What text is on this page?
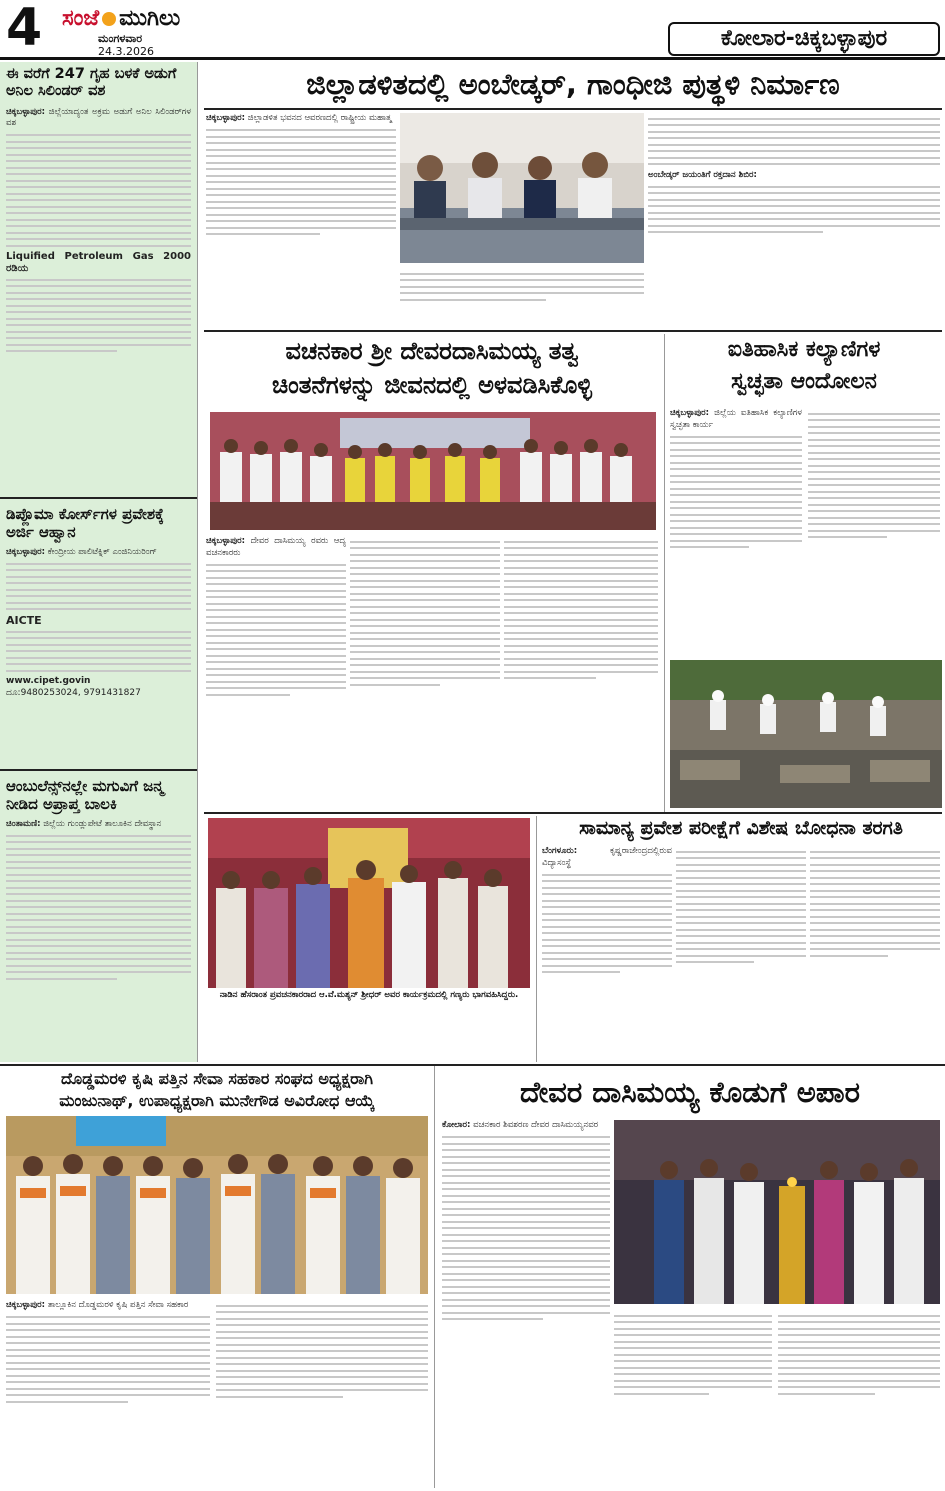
4 ಸಂಜೆ ಮುಗಿಲು
ಮಂಗಳವಾರ
24.3.2026
ಕೋಲಾರ-ಚಿಕ್ಕಬಳ್ಳಾಪುರ
ಈ ವರೆಗೆ 247 ಗೃಹ ಬಳಕೆ ಅಡುಗೆ ಅನಿಲ ಸಿಲಿಂಡರ್ ವಶ
ಚಿಕ್ಕಬಳ್ಳಾಪುರ: ಜಿಲ್ಲೆಯಾದ್ಯಂತ ಅಕ್ರಮ ಅಡುಗೆ ಅನಿಲ ಸಿಲಿಂಡರ್‌ಗಳ ವಶ
Liquified Petroleum Gas 2000 ರಡಿಯ
ಡಿಪ್ಲೊಮಾ ಕೋರ್ಸ್‌ಗಳ ಪ್ರವೇಶಕ್ಕೆ ಅರ್ಜಿ ಆಹ್ವಾನ
ಚಿಕ್ಕಬಳ್ಳಾಪುರ: ಕೇಂದ್ರೀಯ ಪಾಲಿಟೆಕ್ನಿಕ್ ಎಂಜಿನಿಯರಿಂಗ್
AICTE
www.cipet.govin
ದೂ:9480253024, 9791431827
ಆಂಬುಲೆನ್ಸ್‌ನಲ್ಲೇ ಮಗುವಿಗೆ ಜನ್ಮ ನೀಡಿದ ಅಪ್ರಾಪ್ತ ಬಾಲಕಿ
ಚಿಂತಾಮಣಿ: ಜಿಲ್ಲೆಯ ಗುಂಡ್ಲುಪೇಟೆ ತಾಲೂಕಿನ ದೇವಸ್ಥಾನ
ಜಿಲ್ಲಾಡಳಿತದಲ್ಲಿ ಅಂಬೇಡ್ಕರ್, ಗಾಂಧೀಜಿ ಪುತ್ಥಳಿ ನಿರ್ಮಾಣ
ಚಿಕ್ಕಬಳ್ಳಾಪುರ: ಜಿಲ್ಲಾಡಳಿತ ಭವನದ ಆವರಣದಲ್ಲಿ ರಾಷ್ಟ್ರೀಯ ಮಹಾತ್ಮ
ಅಂಬೇಡ್ಕರ್ ಜಯಂತಿಗೆ ರಕ್ತದಾನ ಶಿಬಿರ:
ವಚನಕಾರ ಶ್ರೀ ದೇವರದಾಸಿಮಯ್ಯ ತತ್ವ
ಚಿಂತನೆಗಳನ್ನು ಜೀವನದಲ್ಲಿ ಅಳವಡಿಸಿಕೊಳ್ಳಿ
ಚಿಕ್ಕಬಳ್ಳಾಪುರ: ದೇವರ ದಾಸಿಮಯ್ಯ ರವರು ಆದ್ಯ ವಚನಕಾರರು
ಐತಿಹಾಸಿಕ ಕಲ್ಯಾಣಿಗಳ
ಸ್ವಚ್ಛತಾ ಆಂದೋಲನ
ಚಿಕ್ಕಬಳ್ಳಾಪುರ: ಜಿಲ್ಲೆಯ ಐತಿಹಾಸಿಕ ಕಲ್ಯಾಣಿಗಳ ಸ್ವಚ್ಛತಾ ಕಾರ್ಯ
ನಾಡಿನ ಹೆಸರಾಂತ ಪ್ರವಚನಕಾರರಾದ ಆ.ವೆ.ಮಶ್ಯನ್ ಶ್ರೀಧರ್ ಅವರ ಕಾರ್ಯಕ್ರಮದಲ್ಲಿ ಗಣ್ಯರು ಭಾಗವಹಿಸಿದ್ದರು.
ಸಾಮಾನ್ಯ ಪ್ರವೇಶ ಪರೀಕ್ಷೆಗೆ ವಿಶೇಷ ಬೋಧನಾ ತರಗತಿ
ಬೆಂಗಳೂರು:	ಕೃಷ್ಣರಾಜೇಂದ್ರದಲ್ಲಿರುವ ವಿದ್ಯಾಸಂಸ್ಥೆ
ದೊಡ್ಡಮರಳಿ ಕೃಷಿ ಪತ್ತಿನ ಸೇವಾ ಸಹಕಾರ ಸಂಘದ ಅಧ್ಯಕ್ಷರಾಗಿ
ಮಂಜುನಾಥ್, ಉಪಾಧ್ಯಕ್ಷರಾಗಿ ಮುನೇಗೌಡ ಅವಿರೋಧ ಆಯ್ಕೆ
ಚಿಕ್ಕಬಳ್ಳಾಪುರ: ತಾಲ್ಲೂಕಿನ ದೊಡ್ಡಮರಳಿ ಕೃಷಿ ಪತ್ತಿನ ಸೇವಾ ಸಹಕಾರ
ದೇವರ ದಾಸಿಮಯ್ಯ ಕೊಡುಗೆ ಅಪಾರ
ಕೋಲಾರ: ವಚನಕಾರ ಶಿವಶರಣ ದೇವರ ದಾಸಿಮಯ್ಯನವರ
